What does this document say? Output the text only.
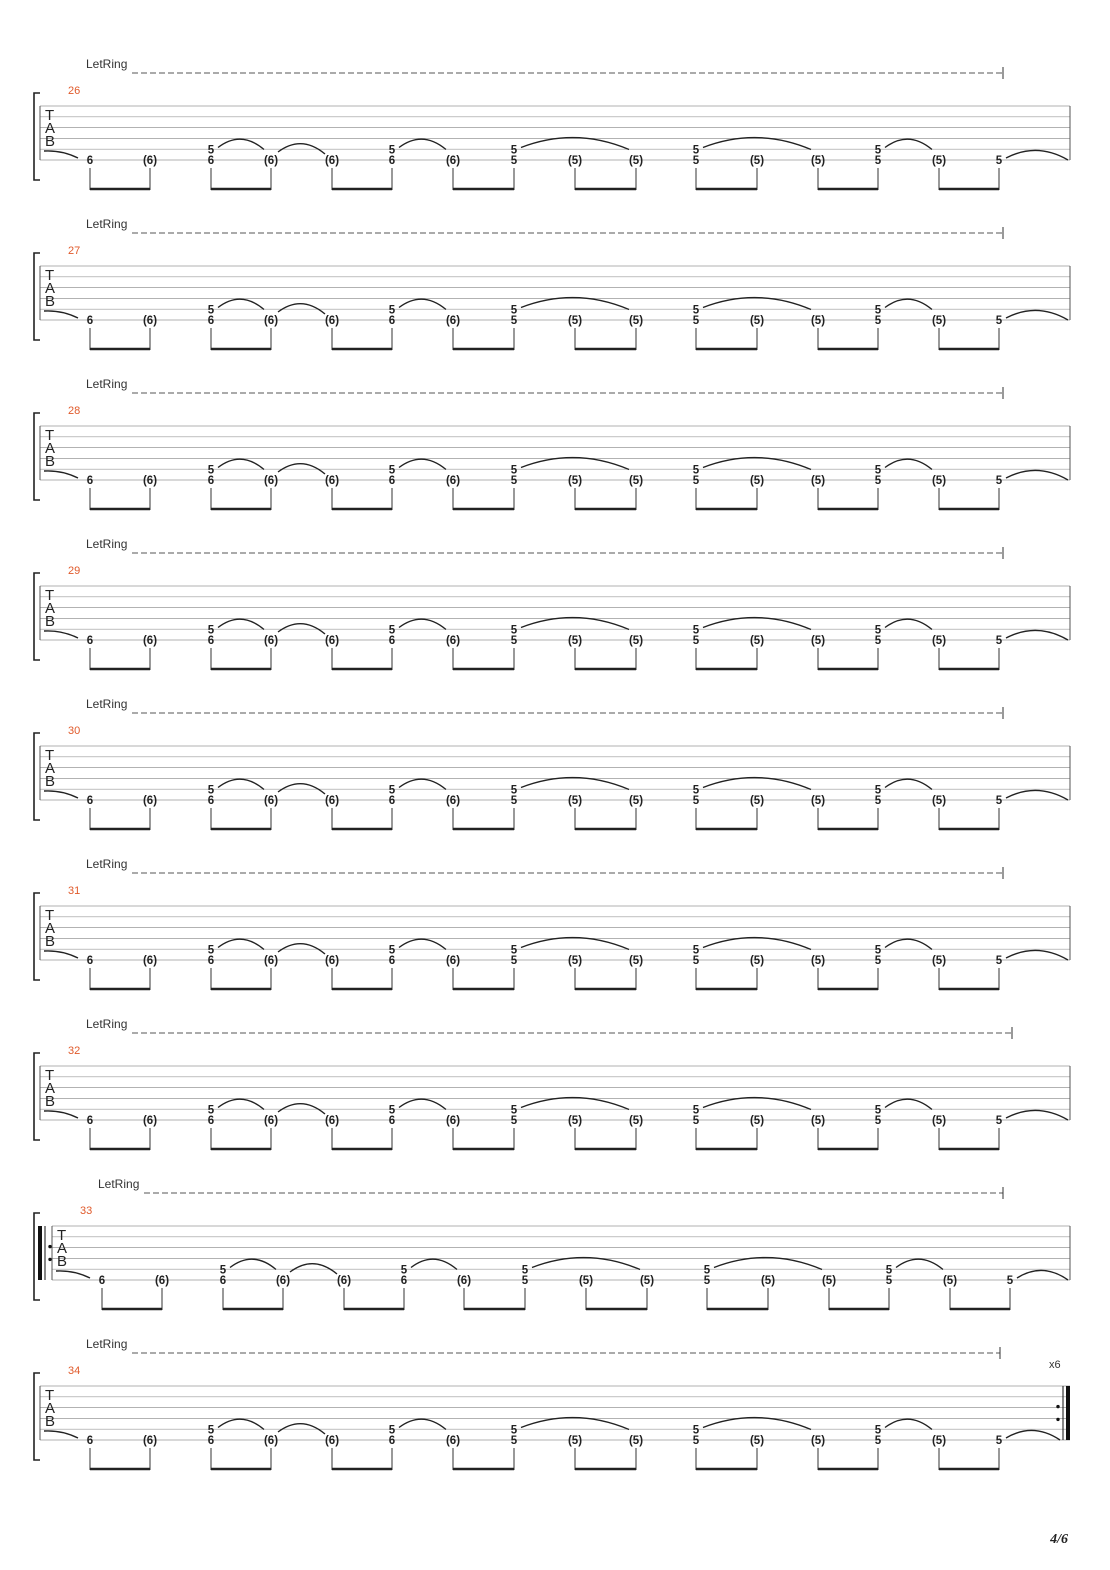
LetRing
26
T
A
B
6	(6)
5
6	(6)	(6)
5
6	(6)
5
5	(5)	(5)
5
5	(5)	(5)
5
5	(5)	5
LetRing
27
T
A
B
6	(6)
5
6	(6)	(6)
5
6	(6)
5
5	(5)	(5)
5
5	(5)	(5)
5
5	(5)	5
LetRing
28
T
A
B
6	(6)
5
6	(6)	(6)
5
6	(6)
5
5	(5)	(5)
5
5	(5)	(5)
5
5	(5)	5
LetRing
29
T
A
B
6	(6)
5
6	(6)	(6)
5
6	(6)
5
5	(5)	(5)
5
5	(5)	(5)
5
5	(5)	5
LetRing
30
T
A
B
6	(6)
5
6	(6)	(6)
5
6	(6)
5
5	(5)	(5)
5
5	(5)	(5)
5
5	(5)	5
LetRing
31
T
A
B
6	(6)
5
6	(6)	(6)
5
6	(6)
5
5	(5)	(5)
5
5	(5)	(5)
5
5	(5)	5
LetRing
32
T
A
B
6	(6)
5
6	(6)	(6)
5
6	(6)
5
5	(5)	(5)
5
5	(5)	(5)
5
5	(5)	5
LetRing
33
T
A
B
6	(6)
5
6	(6)	(6)
5
6	(6)
5
5	(5)	(5)
5
5	(5)	(5)
5
5	(5)	5
LetRing
34
T
A
B
x6
6	(6)
5
6	(6)	(6)
5
6	(6)
5
5	(5)	(5)
5
5	(5)	(5)
5
5	(5)	5
4/6
